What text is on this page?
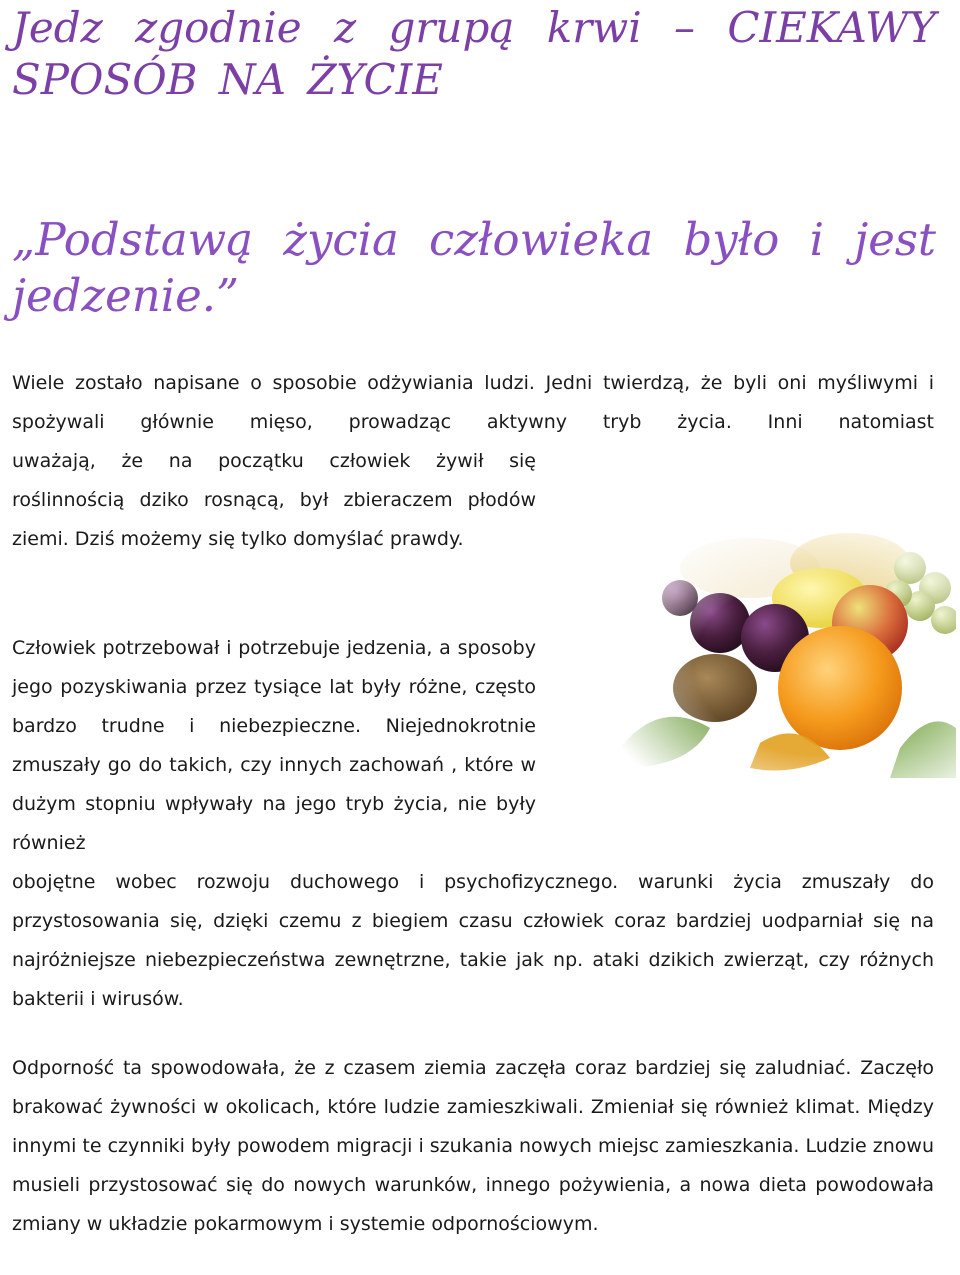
Jedz zgodnie z grupą krwi – CIEKAWY SPOSÓB NA ŻYCIE
„Podstawą życia człowieka było i jest jedzenie.”

Wiele zostało napisane o sposobie odżywiania ludzi. Jedni twierdzą, że byli oni myśliwymi i spożywali głównie mięso, prowadząc aktywny tryb życia. Inni natomiast

uważają, że na początku człowiek żywił się roślinnością dziko rosnącą, był zbieraczem płodów ziemi. Dziś możemy się tylko domyślać prawdy.

Człowiek potrzebował i potrzebuje jedzenia, a sposoby jego pozyskiwania przez tysiące lat były różne, często bardzo trudne i niebezpieczne. Niejednokrotnie zmuszały go do takich, czy innych zachowań , które w dużym stopniu wpływały na jego tryb życia, nie były również

obojętne wobec rozwoju duchowego i psychofizycznego. warunki życia zmuszały do przystosowania się, dzięki czemu z biegiem czasu człowiek coraz bardziej uodparniał się na najróżniejsze niebezpieczeństwa zewnętrzne, takie jak np. ataki dzikich zwierząt, czy różnych bakterii i wirusów.

Odporność ta spowodowała, że z czasem ziemia zaczęła coraz bardziej się zaludniać. Zaczęło brakować żywności w okolicach, które ludzie zamieszkiwali. Zmieniał się również klimat. Między innymi te czynniki były powodem migracji i szukania nowych miejsc zamieszkania. Ludzie znowu musieli przystosować się do nowych warunków, innego pożywienia, a nowa dieta powodowała zmiany w układzie pokarmowym i systemie odpornościowym.
